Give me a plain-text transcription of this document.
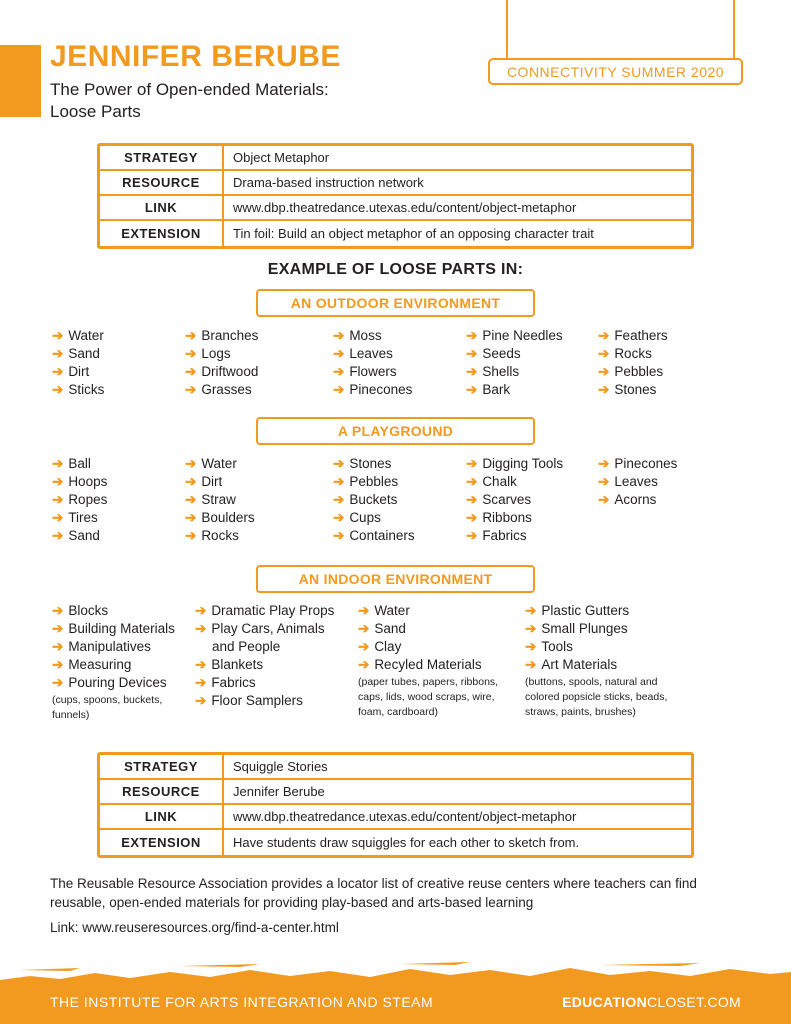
CONNECTIVITY SUMMER 2020
JENNIFER BERUBE
The Power of Open-ended Materials:
Loose Parts
STRATEGY	Object Metaphor
RESOURCE	Drama-based instruction network
LINK	www.dbp.theatredance.utexas.edu/content/object-metaphor
EXTENSION	Tin foil: Build an object metaphor of an opposing character trait
EXAMPLE OF LOOSE PARTS IN:
AN OUTDOOR ENVIRONMENT
➔ Water
➔ Sand
➔ Dirt
➔ Sticks
➔ Branches
➔ Logs
➔ Driftwood
➔ Grasses
➔ Moss
➔ Leaves
➔ Flowers
➔ Pinecones
➔ Pine Needles
➔ Seeds
➔ Shells
➔ Bark
➔ Feathers
➔ Rocks
➔ Pebbles
➔ Stones
A PLAYGROUND
➔ Ball
➔ Hoops
➔ Ropes
➔ Tires
➔ Sand
➔ Water
➔ Dirt
➔ Straw
➔ Boulders
➔ Rocks
➔ Stones
➔ Pebbles
➔ Buckets
➔ Cups
➔ Containers
➔ Digging Tools
➔ Chalk
➔ Scarves
➔ Ribbons
➔ Fabrics
➔ Pinecones
➔ Leaves
➔ Acorns
AN INDOOR ENVIRONMENT
➔ Blocks
➔ Building Materials
➔ Manipulatives
➔ Measuring
➔ Pouring Devices
(cups, spoons, buckets, funnels)
➔ Dramatic Play Props
➔ Play Cars, Animals
and People
➔ Blankets
➔ Fabrics
➔ Floor Samplers
➔ Water
➔ Sand
➔ Clay
➔ Recyled Materials
(paper tubes, papers, ribbons, caps, lids, wood scraps, wire, foam, cardboard)
➔ Plastic Gutters
➔ Small Plunges
➔ Tools
➔ Art Materials
(buttons, spools, natural and colored popsicle sticks, beads, straws, paints, brushes)
STRATEGY	Squiggle Stories
RESOURCE	Jennifer Berube
LINK	www.dbp.theatredance.utexas.edu/content/object-metaphor
EXTENSION	Have students draw squiggles for each other to sketch from.
The Reusable Resource Association provides a locator list of creative reuse centers where teachers can find reusable, open-ended materials for providing play-based and arts-based learning
Link: www.reuseresources.org/find-a-center.html
THE INSTITUTE FOR ARTS INTEGRATION AND STEAM	EDUCATIONCLOSET.COM
